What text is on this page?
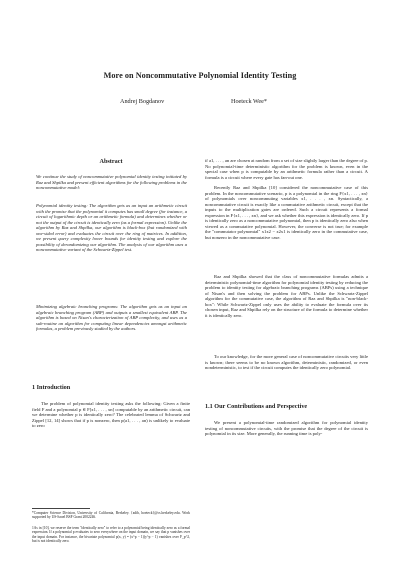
More on Noncommutative Polynomial Identity Testing
Andrej Bogdanov	Hoeteck Wee*
Abstract

We continue the study of noncommutative polynomial identity testing initiated by Raz and Shpilka and present efficient algorithms for the following problems in the noncommutative model:

Polynomial identity testing: The algorithm gets as an input an arithmetic circuit with the promise that the polynomial it computes has small degree (for instance, a circuit of logarithmic depth or an arithmetic formula) and determines whether or not the output of the circuit is identically zero (as a formal expression). Unlike the algorithm by Raz and Shpilka, our algorithm is black-box (but randomized with one-sided error) and evaluates the circuit over the ring of matrices. In addition, we present query complexity lower bounds for identity testing and explore the possibility of derandomizing our algorithm. The analysis of our algorithm uses a noncommutative variant of the Schwartz-Zippel test.

Minimizing algebraic branching programs: The algorithm gets as an input an algebraic branching program (ABP) and outputs a smallest equivalent ABP. The algorithm is based on Nisan's characterization of ABP complexity, and uses as a sub-routine an algorithm for computing linear dependencies amongst arithmetic formulas, a problem previously studied by the authors.

1 Introduction

The problem of polynomial identity testing asks the following: Given a finite field F and a polynomial p ∈ F[x1, . . . , xn] computable by an arithmetic circuit, can we determine whether p is identically zero? The celebrated lemma of Schwartz and Zippel [12, 14] shows that if p is nonzero, then p(a1, . . . , an) is unlikely to evaluate to zero

*Computer Science Division, University of California, Berkeley. {adib, hoeteck}@cs.berkeley.edu. Work supported by US-Israel BSF Grant 2002246.

1As in [10], we reserve the term "identically zero" to refer to a polynomial being identically zero as a formal expression. If a polynomial p evaluates to zero everywhere on the input domain, we say that p vanishes over the input domain. For instance, the bivariate polynomial p(x, y) = (x^p − 1)(y^p − 1) vanishes over F_p^2, but is not identically zero.

if a1, . . . , an are chosen at random from a set of size slightly larger than the degree of p. No polynomial-time deterministic algorithm for the problem is known, even in the special case when p is computable by an arithmetic formula rather than a circuit. A formula is a circuit where every gate has fan-out one.

Recently Raz and Shpilka [10] considered the noncommutative case of this problem. In the noncommutative scenario, p is a polynomial in the ring F{x1, . . . , xn} of polynomials over noncommuting variables x1, . . . , xn. Syntactically, a noncommutative circuit is exactly like a commutative arithmetic circuit, except that the inputs to the multiplication gates are ordered. Such a circuit represents a formal expression in F{x1, . . . , xn}, and we ask whether this expression is identically zero. If p is identically zero as a noncommutative polynomial, then p is identically zero also when viewed as a commutative polynomial. However, the converse is not true; for example the "commutator polynomial" x1x2 − x2x1 is identically zero in the commutative case, but nonzero in the noncommutative case.

Raz and Shpilka showed that the class of noncommutative formulas admits a deterministic polynomial-time algorithm for polynomial identity testing by reducing the problem to identity testing for algebraic branching programs (ABPs) using a technique of Nisan's and then solving the problem for ABPs. Unlike the Schwartz-Zippel algorithm for the commutative case, the algorithm of Raz and Shpilka is "non-black-box": While Schwartz-Zippel only uses the ability to evaluate the formula over its chosen input, Raz and Shpilka rely on the structure of the formula to determine whether it is identically zero.

To our knowledge, for the more general case of noncommutative circuits very little is known; there seems to be no known algorithm, deterministic, randomized, or even nondeterministic, to test if the circuit computes the identically zero polynomial.

1.1 Our Contributions and Perspective

We present a polynomial-time randomized algorithm for polynomial identity testing of noncommutative circuits, with the promise that the degree of the circuit is polynomial in its size. More generally, the running time is poly-
